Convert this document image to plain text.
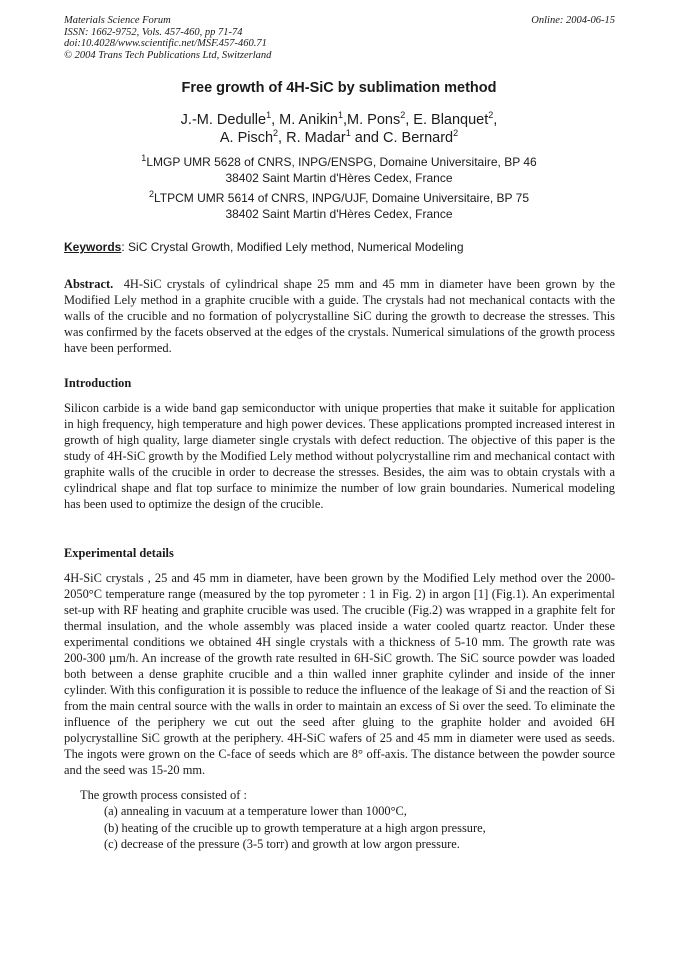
Materials Science Forum
ISSN: 1662-9752, Vols. 457-460, pp 71-74
doi:10.4028/www.scientific.net/MSF.457-460.71
© 2004 Trans Tech Publications Ltd, Switzerland
Online: 2004-06-15
Free growth of 4H-SiC by sublimation method
J.-M. Dedulle$^1$, M. Anikin$^1$,M. Pons$^2$, E. Blanquet$^2$,
A. Pisch$^2$, R. Madar$^1$ and C. Bernard$^2$
$^1$LMGP UMR 5628 of CNRS, INPG/ENSPG, Domaine Universitaire, BP 46
38402 Saint Martin d'Hères Cedex, France
$^2$LTPCM UMR 5614 of CNRS, INPG/UJF, Domaine Universitaire, BP 75
38402 Saint Martin d'Hères Cedex, France
Keywords: SiC Crystal Growth, Modified Lely method, Numerical Modeling
Abstract. 4H-SiC crystals of cylindrical shape 25 mm and 45 mm in diameter have been grown by the Modified Lely method in a graphite crucible with a guide. The crystals had not mechanical contacts with the walls of the crucible and no formation of polycrystalline SiC during the growth to decrease the stresses. This was confirmed by the facets observed at the edges of the crystals. Numerical simulations of the growth process have been performed.
Introduction
Silicon carbide is a wide band gap semiconductor with unique properties that make it suitable for application in high frequency, high temperature and high power devices. These applications prompted increased interest in growth of high quality, large diameter single crystals with defect reduction. The objective of this paper is the study of 4H-SiC growth by the Modified Lely method without polycrystalline rim and mechanical contact with graphite walls of the crucible in order to decrease the stresses. Besides, the aim was to obtain crystals with a cylindrical shape and flat top surface to minimize the number of low grain boundaries. Numerical modeling has been used to optimize the design of the crucible.
Experimental details
4H-SiC crystals , 25 and 45 mm in diameter, have been grown by the Modified Lely method over the 2000-2050°C temperature range (measured by the top pyrometer : 1 in Fig. 2) in argon [1] (Fig.1). An experimental set-up with RF heating and graphite crucible was used. The crucible (Fig.2) was wrapped in a graphite felt for thermal insulation, and the whole assembly was placed inside a water cooled quartz reactor. Under these experimental conditions we obtained 4H single crystals with a thickness of 5-10 mm. The growth rate was 200-300 µm/h. An increase of the growth rate resulted in 6H-SiC growth. The SiC source powder was loaded both between a dense graphite crucible and a thin walled inner graphite cylinder and inside of the inner cylinder. With this configuration it is possible to reduce the influence of the leakage of Si and the reaction of Si from the main central source with the walls in order to maintain an excess of Si over the seed. To eliminate the influence of the periphery we cut out the seed after gluing to the graphite holder and avoided 6H polycrystalline SiC growth at the periphery. 4H-SiC wafers of 25 and 45 mm in diameter were used as seeds. The ingots were grown on the C-face of seeds which are 8° off-axis. The distance between the powder source and the seed was 15-20 mm.
The growth process consisted of :
(a) annealing in vacuum at a temperature lower than 1000°C,
(b) heating of the crucible up to growth temperature at a high argon pressure,
(c) decrease of the pressure (3-5 torr) and growth at low argon pressure.
